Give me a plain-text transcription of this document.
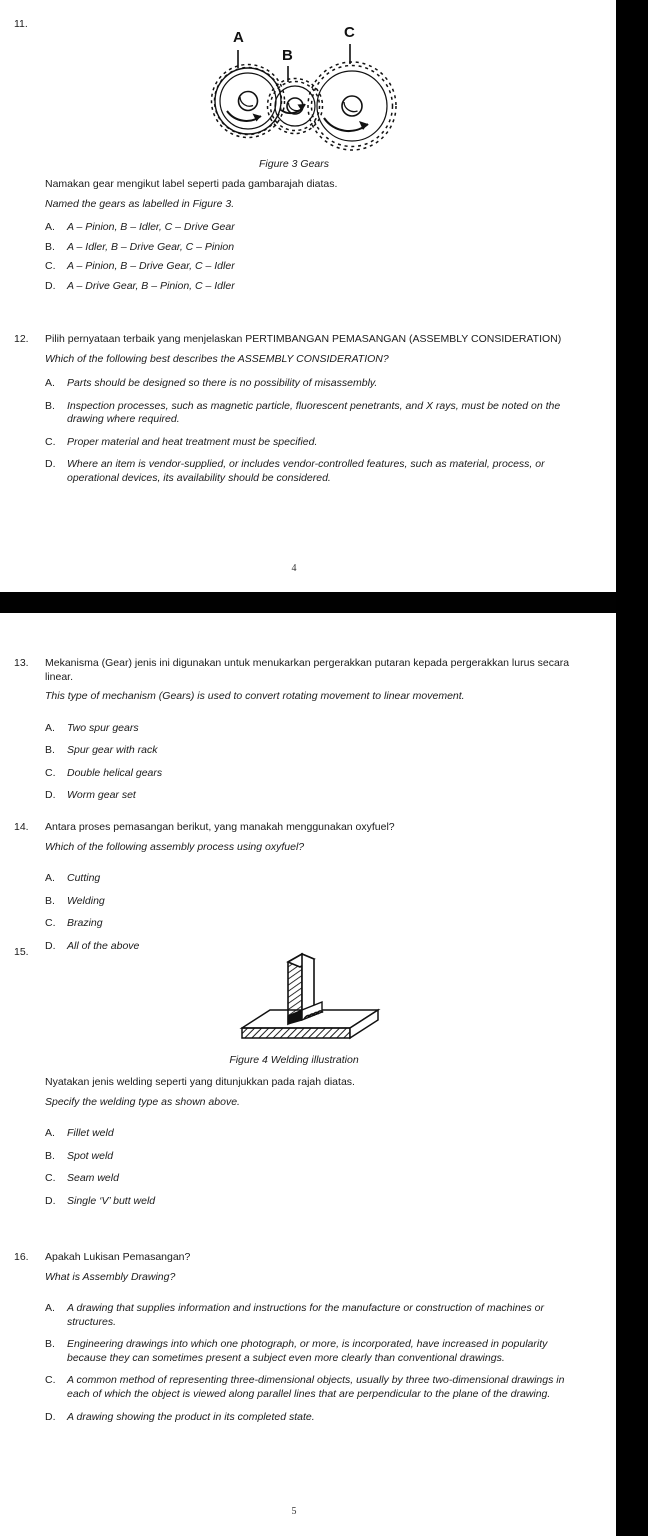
11.
A
B
C
Figure 3 Gears

Namakan gear mengikut label seperti pada gambarajah diatas.

Named the gears as labelled in Figure 3.

A. A – Pinion, B – Idler, C – Drive Gear
B. A – Idler, B – Drive Gear, C – Pinion
C. A – Pinion, B – Drive Gear, C – Idler
D. A – Drive Gear, B – Pinion, C – Idler
12.	Pilih pernyataan terbaik yang menjelaskan PERTIMBANGAN PEMASANGAN (ASSEMBLY CONSIDERATION)

Which of the following best describes the ASSEMBLY CONSIDERATION?

A. Parts should be designed so there is no possibility of misassembly.
B. Inspection processes, such as magnetic particle, fluorescent penetrants, and X rays, must be noted on the drawing where required.
C. Proper material and heat treatment must be specified.
D. Where an item is vendor-supplied, or includes vendor-controlled features, such as material, process, or operational devices, its availability should be considered.
4
13.	Mekanisma (Gear) jenis ini digunakan untuk menukarkan pergerakkan putaran kepada pergerakkan lurus secara linear.

This type of mechanism (Gears) is used to convert rotating movement to linear movement.

A. Two spur gears
B. Spur gear with rack
C. Double helical gears
D. Worm gear set
14.	Antara proses pemasangan berikut, yang manakah menggunakan oxyfuel?

Which of the following assembly process using oxyfuel?

A. Cutting
B. Welding
C. Brazing
D. All of the above
15.
Figure 4 Welding illustration

Nyatakan jenis welding seperti yang ditunjukkan pada rajah diatas.

Specify the welding type as shown above.

A. Fillet weld
B. Spot weld
C. Seam weld
D. Single ‘V’ butt weld
16.	Apakah Lukisan Pemasangan?

What is Assembly Drawing?

A. A drawing that supplies information and instructions for the manufacture or construction of machines or structures.
B. Engineering drawings into which one photograph, or more, is incorporated, have increased in popularity because they can sometimes present a subject even more clearly than conventional drawings.
C. A common method of representing three-dimensional objects, usually by three two-dimensional drawings in each of which the object is viewed along parallel lines that are perpendicular to the plane of the drawing.
D. A drawing showing the product in its completed state.
5
